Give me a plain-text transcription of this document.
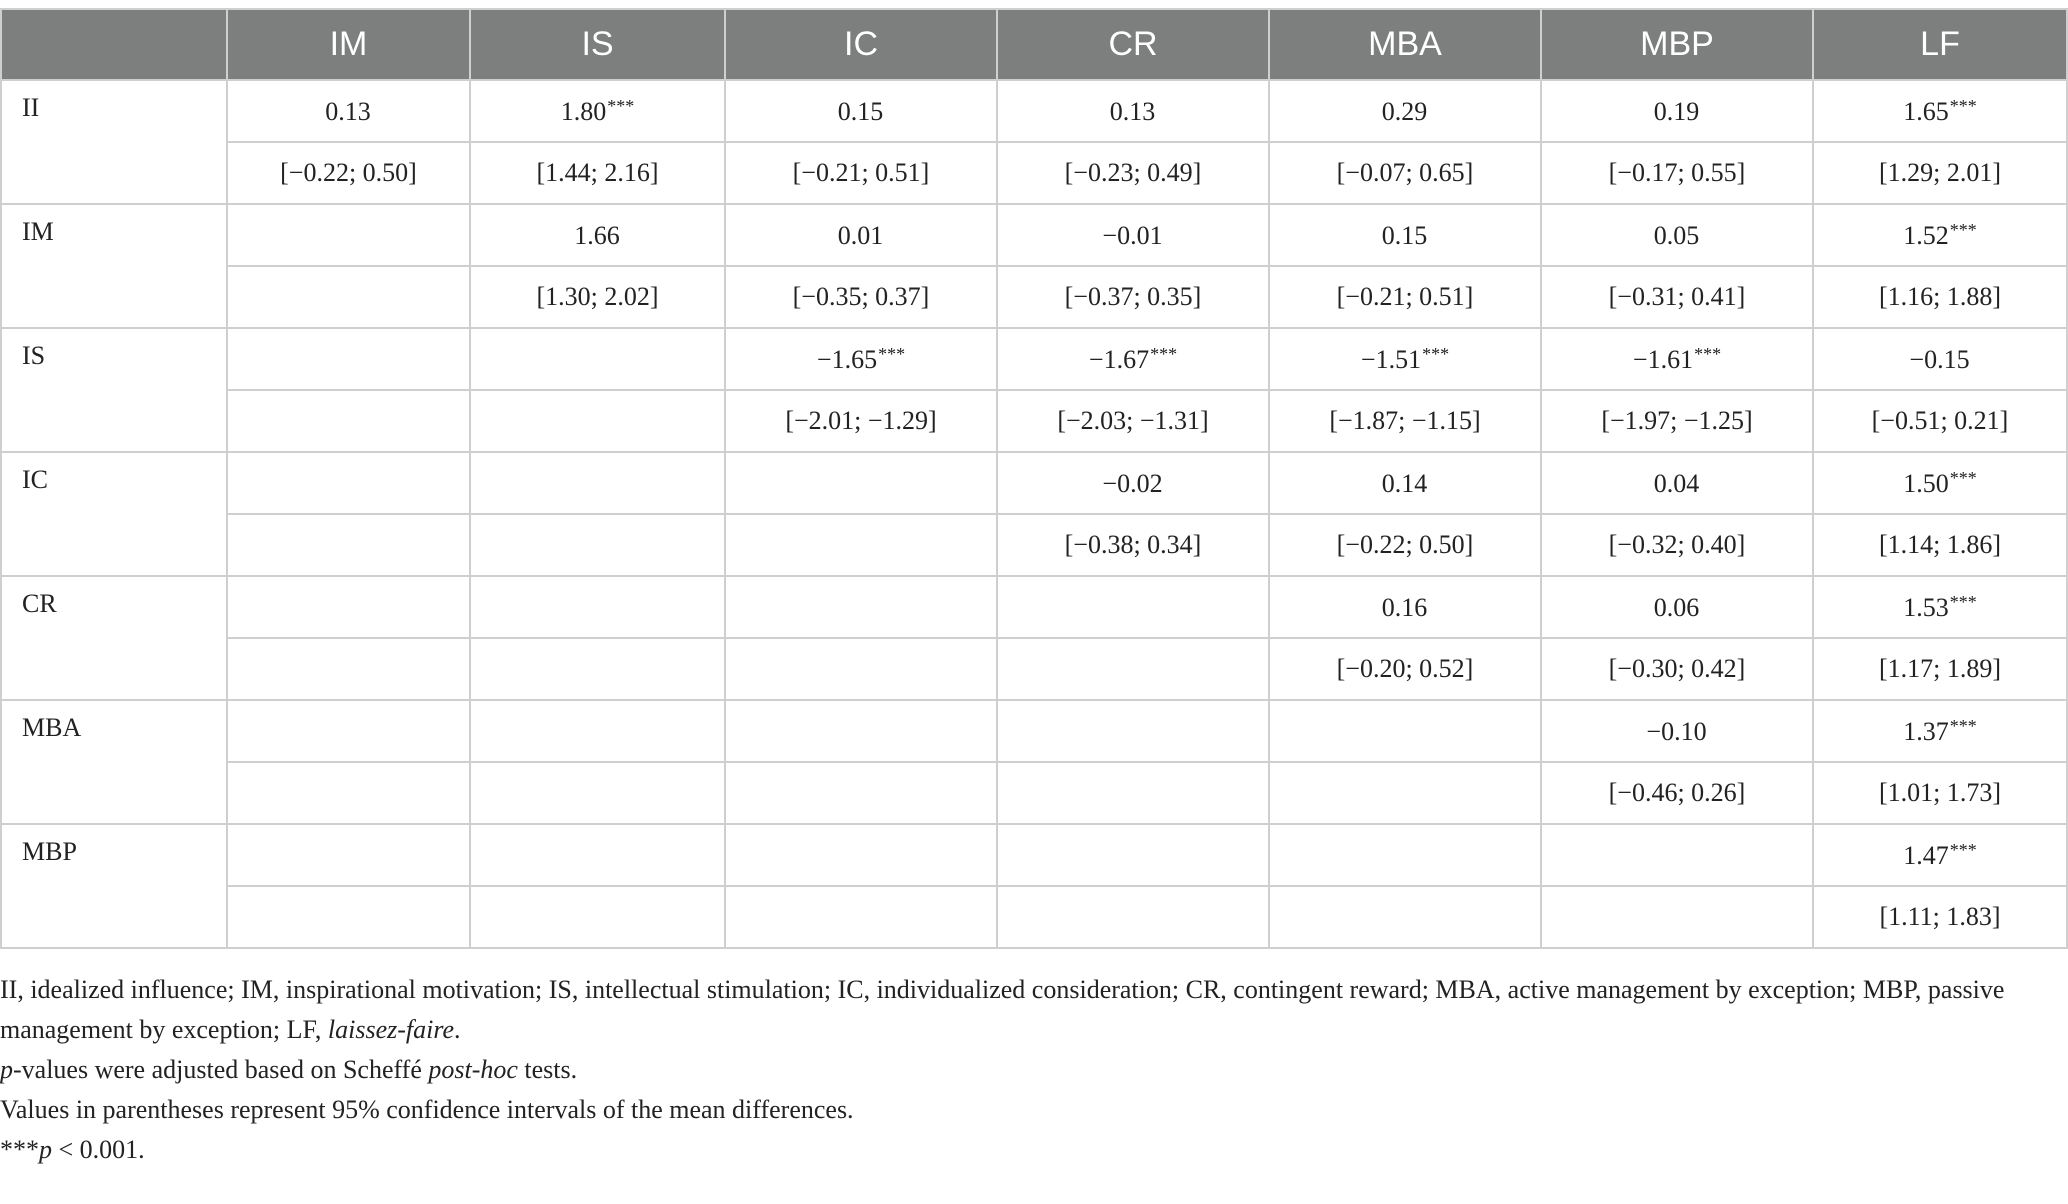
	IM	IS	IC	CR	MBA	MBP	LF
II	0.13	1.80***	0.15	0.13	0.29	0.19	1.65***
	[−0.22; 0.50]	[1.44; 2.16]	[−0.21; 0.51]	[−0.23; 0.49]	[−0.07; 0.65]	[−0.17; 0.55]	[1.29; 2.01]
IM		1.66	0.01	−0.01	0.15	0.05	1.52***
		[1.30; 2.02]	[−0.35; 0.37]	[−0.37; 0.35]	[−0.21; 0.51]	[−0.31; 0.41]	[1.16; 1.88]
IS			−1.65***	−1.67***	−1.51***	−1.61***	−0.15
			[−2.01; −1.29]	[−2.03; −1.31]	[−1.87; −1.15]	[−1.97; −1.25]	[−0.51; 0.21]
IC				−0.02	0.14	0.04	1.50***
				[−0.38; 0.34]	[−0.22; 0.50]	[−0.32; 0.40]	[1.14; 1.86]
CR					0.16	0.06	1.53***
					[−0.20; 0.52]	[−0.30; 0.42]	[1.17; 1.89]
MBA						−0.10	1.37***
						[−0.46; 0.26]	[1.01; 1.73]
MBP							1.47***
							[1.11; 1.83]

II, idealized influence; IM, inspirational motivation; IS, intellectual stimulation; IC, individualized consideration; CR, contingent reward; MBA, active management by exception; MBP, passive management by exception; LF, laissez-faire.

p-values were adjusted based on Scheffé post-hoc tests.

Values in parentheses represent 95% confidence intervals of the mean differences.

***p < 0.001.
